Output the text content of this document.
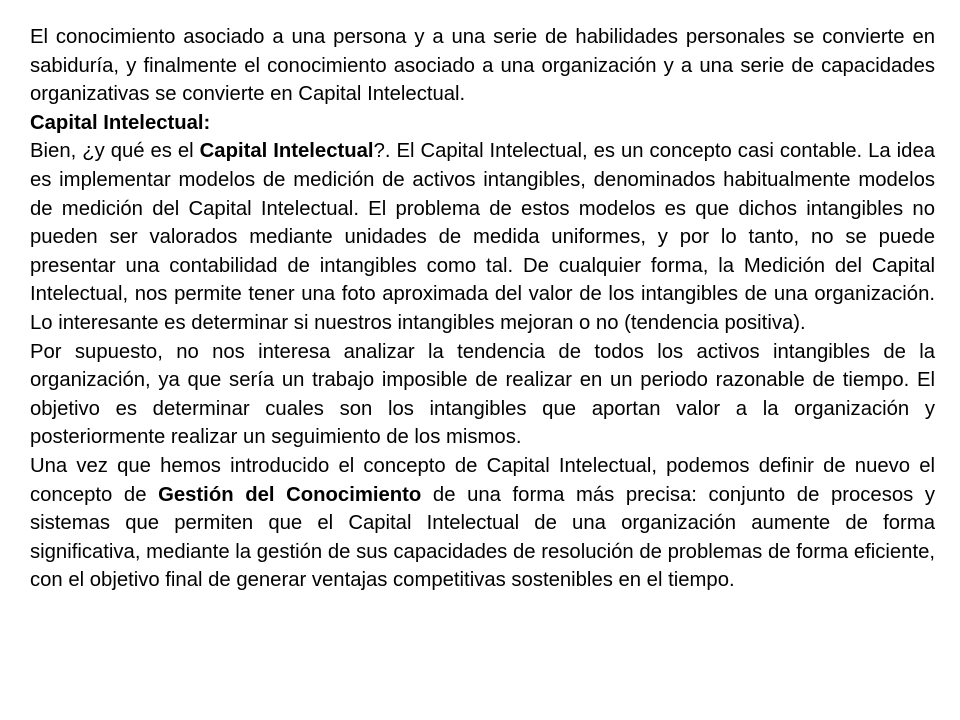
El conocimiento asociado a una persona y a una serie de habilidades personales se convierte en sabiduría, y finalmente el conocimiento asociado a una organización y a una serie de capacidades organizativas se convierte en Capital Intelectual.

Capital Intelectual:

Bien, ¿y qué es el Capital Intelectual?. El Capital Intelectual, es un concepto casi contable. La idea es implementar modelos de medición de activos intangibles, denominados habitualmente modelos de medición del Capital Intelectual. El problema de estos modelos es que dichos intangibles no pueden ser valorados mediante unidades de medida uniformes, y por lo tanto, no se puede presentar una contabilidad de intangibles como tal. De cualquier forma, la Medición del Capital Intelectual, nos permite tener una foto aproximada del valor de los intangibles de una organización. Lo interesante es determinar si nuestros intangibles mejoran o no (tendencia positiva).

Por supuesto, no nos interesa analizar la tendencia de todos los activos intangibles de la organización, ya que sería un trabajo imposible de realizar en un periodo razonable de tiempo. El objetivo es determinar cuales son los intangibles que aportan valor a la organización y posteriormente realizar un seguimiento de los mismos.

Una vez que hemos introducido el concepto de Capital Intelectual, podemos definir de nuevo el concepto de Gestión del Conocimiento de una forma más precisa: conjunto de procesos y sistemas que permiten que el Capital Intelectual de una organización aumente de forma significativa, mediante la gestión de sus capacidades de resolución de problemas de forma eficiente, con el objetivo final de generar ventajas competitivas sostenibles en el tiempo.
